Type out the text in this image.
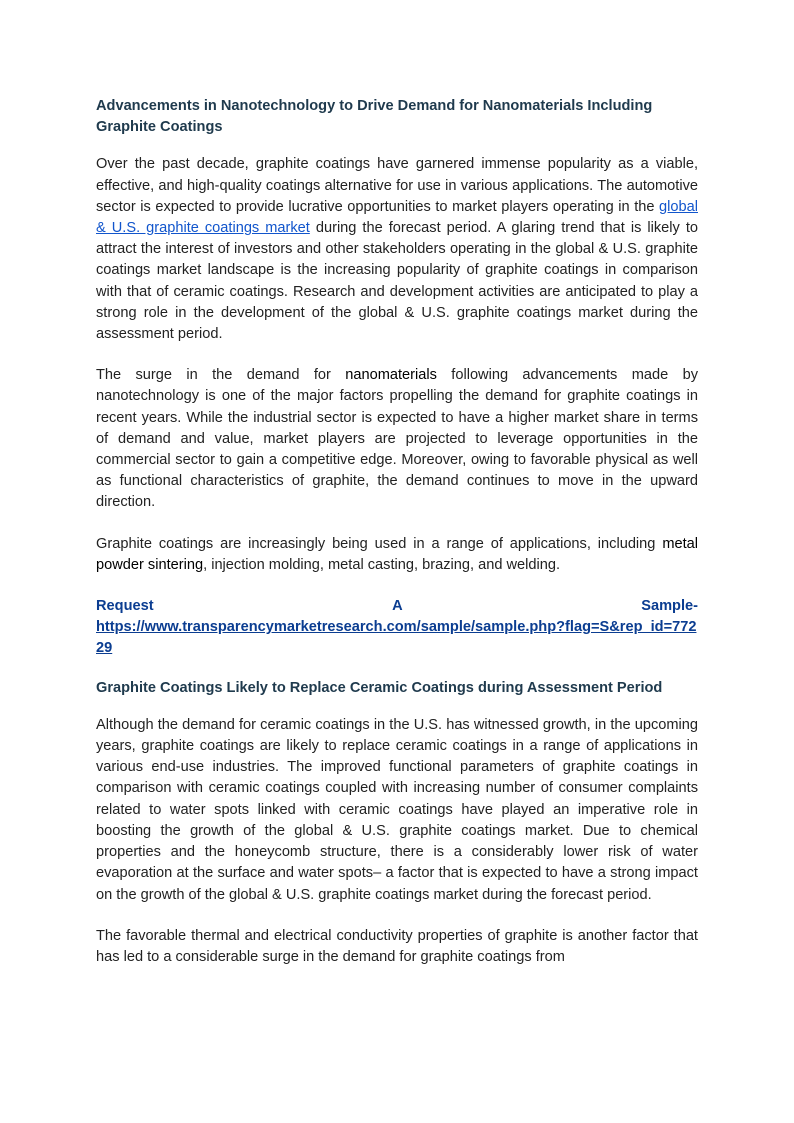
Advancements in Nanotechnology to Drive Demand for Nanomaterials Including Graphite Coatings

Over the past decade, graphite coatings have garnered immense popularity as a viable, effective, and high-quality coatings alternative for use in various applications. The automotive sector is expected to provide lucrative opportunities to market players operating in the global & U.S. graphite coatings market during the forecast period. A glaring trend that is likely to attract the interest of investors and other stakeholders operating in the global & U.S. graphite coatings market landscape is the increasing popularity of graphite coatings in comparison with that of ceramic coatings. Research and development activities are anticipated to play a strong role in the development of the global & U.S. graphite coatings market during the assessment period.

The surge in the demand for nanomaterials following advancements made by nanotechnology is one of the major factors propelling the demand for graphite coatings in recent years. While the industrial sector is expected to have a higher market share in terms of demand and value, market players are projected to leverage opportunities in the commercial sector to gain a competitive edge. Moreover, owing to favorable physical as well as functional characteristics of graphite, the demand continues to move in the upward direction.

Graphite coatings are increasingly being used in a range of applications, including metal powder sintering, injection molding, metal casting, brazing, and welding.

Request	A	Sample-
https://www.transparencymarketresearch.com/sample/sample.php?flag=S&rep_id=77229
Graphite Coatings Likely to Replace Ceramic Coatings during Assessment Period

Although the demand for ceramic coatings in the U.S. has witnessed growth, in the upcoming years, graphite coatings are likely to replace ceramic coatings in a range of applications in various end-use industries. The improved functional parameters of graphite coatings in comparison with ceramic coatings coupled with increasing number of consumer complaints related to water spots linked with ceramic coatings have played an imperative role in boosting the growth of the global & U.S. graphite coatings market. Due to chemical properties and the honeycomb structure, there is a considerably lower risk of water evaporation at the surface and water spots– a factor that is expected to have a strong impact on the growth of the global & U.S. graphite coatings market during the forecast period.

The favorable thermal and electrical conductivity properties of graphite is another factor that has led to a considerable surge in the demand for graphite coatings from
